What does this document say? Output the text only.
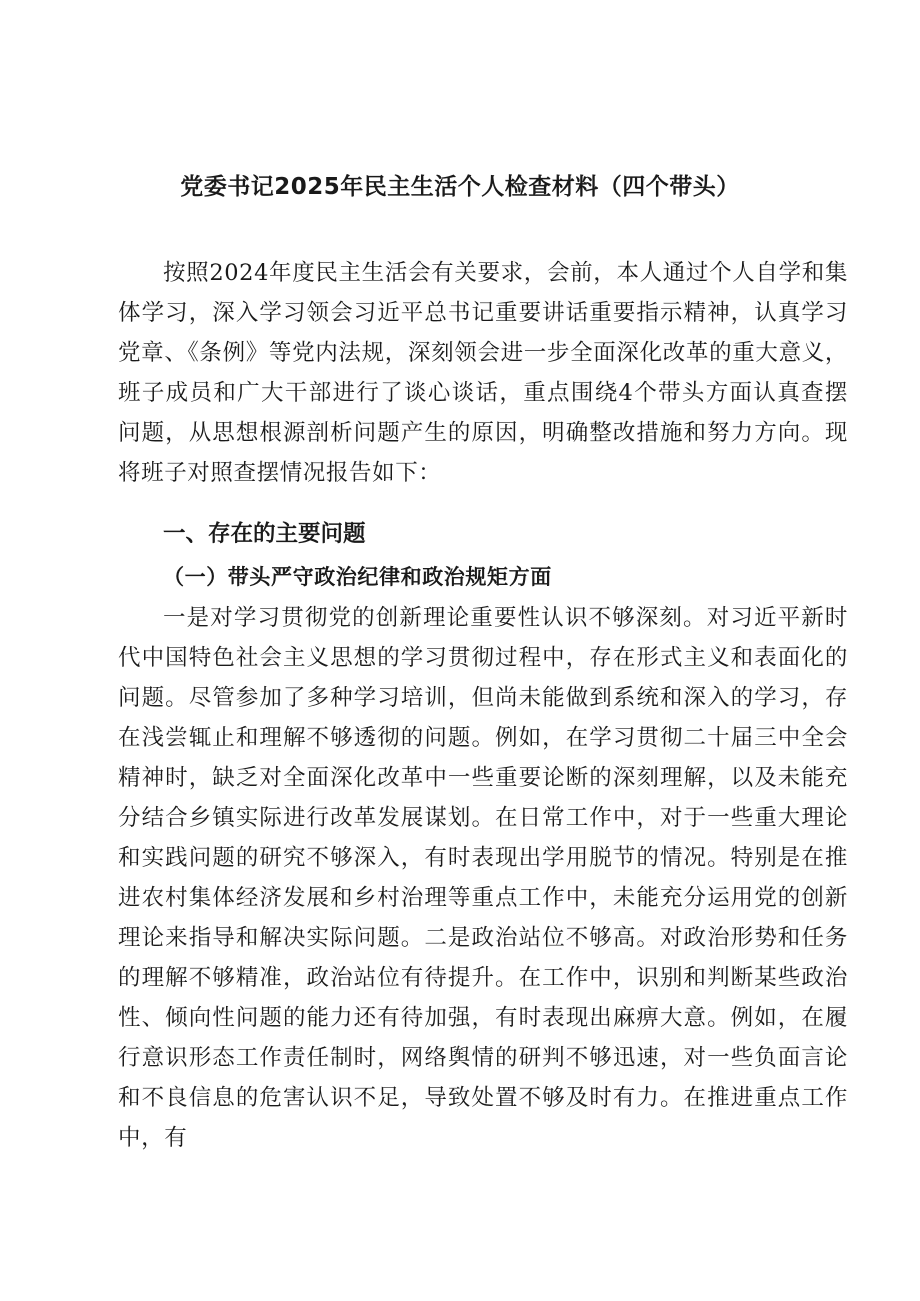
党委书记2025年民主生活个人检查材料（四个带头）

按照2024年度民主生活会有关要求，会前，本人通过个人自学和集体学习，深入学习领会习近平总书记重要讲话重要指示精神，认真学习党章、《条例》等党内法规，深刻领会进一步全面深化改革的重大意义，班子成员和广大干部进行了谈心谈话，重点围绕4个带头方面认真查摆问题，从思想根源剖析问题产生的原因，明确整改措施和努力方向。现将班子对照查摆情况报告如下：

一、存在的主要问题
（一）带头严守政治纪律和政治规矩方面

一是对学习贯彻党的创新理论重要性认识不够深刻。对习近平新时代中国特色社会主义思想的学习贯彻过程中，存在形式主义和表面化的问题。尽管参加了多种学习培训，但尚未能做到系统和深入的学习，存在浅尝辄止和理解不够透彻的问题。例如，在学习贯彻二十届三中全会精神时，缺乏对全面深化改革中一些重要论断的深刻理解，以及未能充分结合乡镇实际进行改革发展谋划。在日常工作中，对于一些重大理论和实践问题的研究不够深入，有时表现出学用脱节的情况。特别是在推进农村集体经济发展和乡村治理等重点工作中，未能充分运用党的创新理论来指导和解决实际问题。二是政治站位不够高。对政治形势和任务的理解不够精准，政治站位有待提升。在工作中，识别和判断某些政治性、倾向性问题的能力还有待加强，有时表现出麻痹大意。例如，在履行意识形态工作责任制时，网络舆情的研判不够迅速，对一些负面言论和不良信息的危害认识不足，导致处置不够及时有力。在推进重点工作中，有
